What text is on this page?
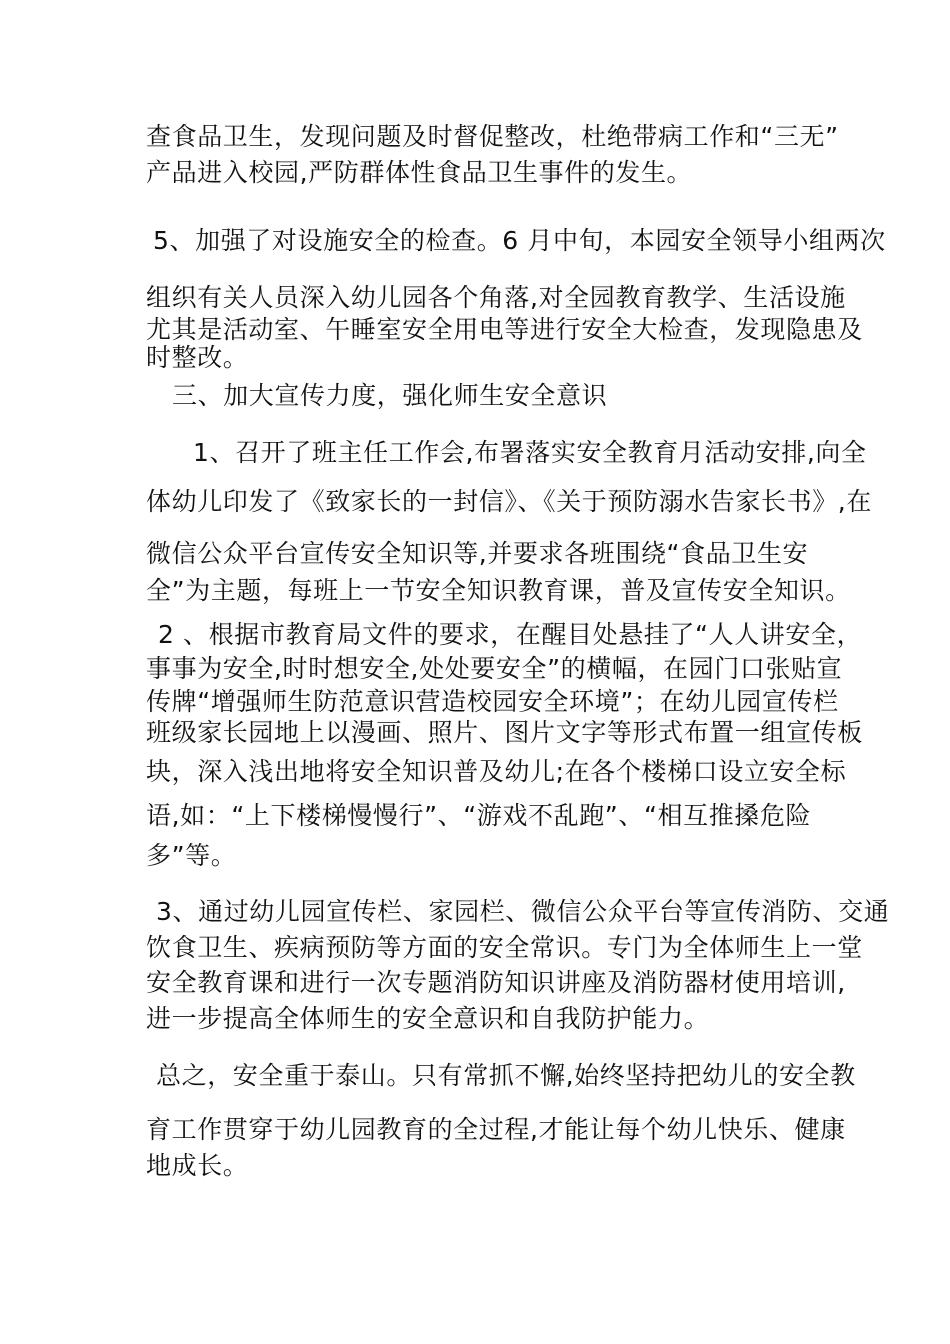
查食品卫生，发现问题及时督促整改，杜绝带病工作和“三无”
产品进入校园,严防群体性食品卫生事件的发生。
5、加强了对设施安全的检查。6 月中旬，本园安全领导小组两次
组织有关人员深入幼儿园各个角落,对全园教育教学、生活设施
尤其是活动室、午睡室安全用电等进行安全大检查，发现隐患及
时整改。
三、加大宣传力度，强化师生安全意识
1、召开了班主任工作会,布署落实安全教育月活动安排,向全
体幼儿印发了《致家长的一封信》、《关于预防溺水告家长书》,在
微信公众平台宣传安全知识等,并要求各班围绕“食品卫生安
全”为主题，每班上一节安全知识教育课，普及宣传安全知识。
2 、根据市教育局文件的要求，在醒目处悬挂了“人人讲安全，
事事为安全,时时想安全,处处要安全”的横幅，在园门口张贴宣
传牌“增强师生防范意识营造校园安全环境”；在幼儿园宣传栏
班级家长园地上以漫画、照片、图片文字等形式布置一组宣传板
块，深入浅出地将安全知识普及幼儿;在各个楼梯口设立安全标
语,如：“上下楼梯慢慢行”、“游戏不乱跑”、“相互推搡危险
多”等。
3、通过幼儿园宣传栏、家园栏、微信公众平台等宣传消防、交通
饮食卫生、疾病预防等方面的安全常识。专门为全体师生上一堂
安全教育课和进行一次专题消防知识讲座及消防器材使用培训,
进一步提高全体师生的安全意识和自我防护能力。
总之，安全重于泰山。只有常抓不懈,始终坚持把幼儿的安全教
育工作贯穿于幼儿园教育的全过程,才能让每个幼儿快乐、健康
地成长。
